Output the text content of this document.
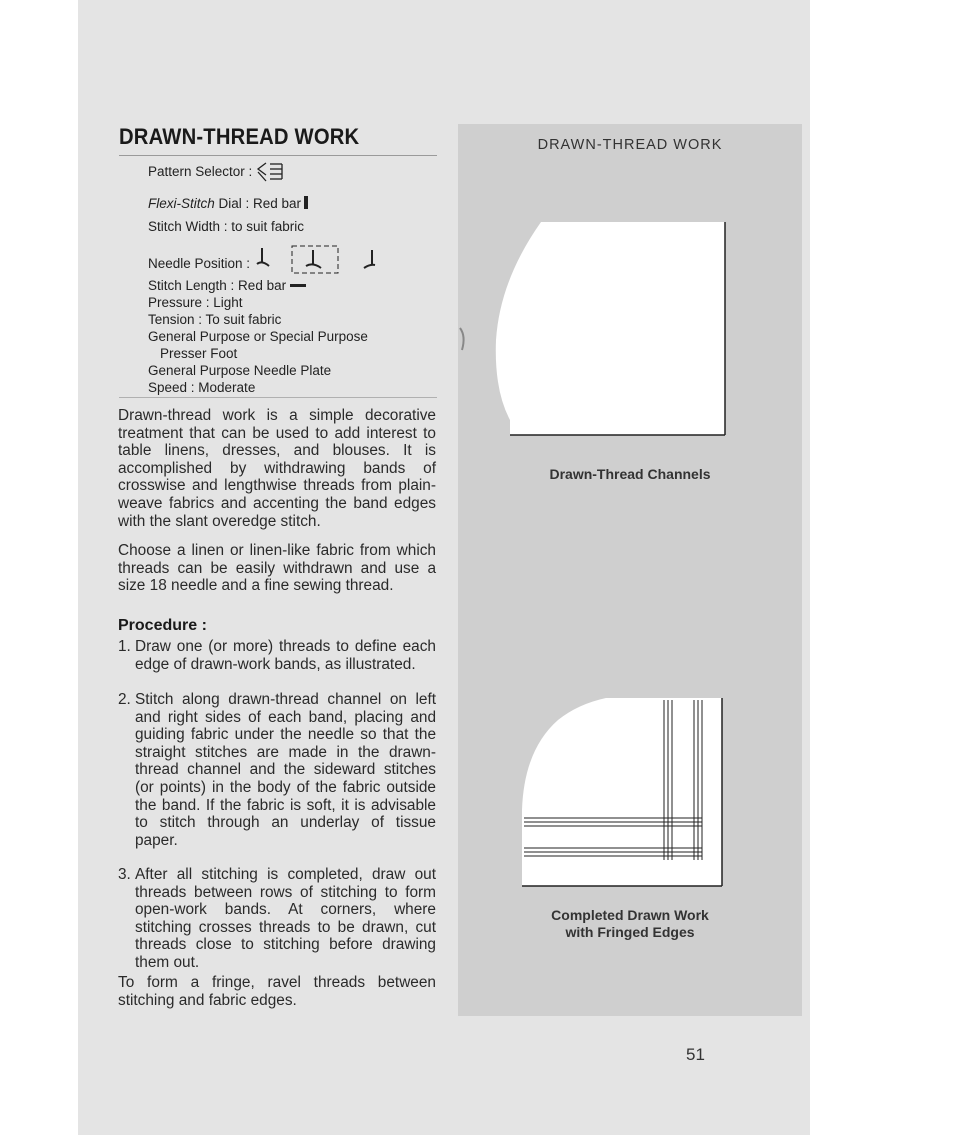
DRAWN-THREAD WORK
Pattern Selector :
Flexi-Stitch Dial : Red bar
Stitch Width : to suit fabric
Needle Position :
Stitch Length : Red bar
Pressure : Light
Tension : To suit fabric
General Purpose or Special Purpose
Presser Foot
General Purpose Needle Plate
Speed : Moderate
Drawn-thread work is a simple decorative treatment that can be used to add interest to table linens, dresses, and blouses. It is accomplished by withdrawing bands of crosswise and lengthwise threads from plain-weave fabrics and accenting the band edges with the slant overedge stitch.
Choose a linen or linen-like fabric from which threads can be easily withdrawn and use a size 18 needle and a fine sewing thread.
Procedure :
1. Draw one (or more) threads to define each edge of drawn-work bands, as illustrated.
2. Stitch along drawn-thread channel on left and right sides of each band, placing and guiding fabric under the needle so that the straight stitches are made in the drawn-thread channel and the sideward stitches (or points) in the body of the fabric outside the band. If the fabric is soft, it is advisable to stitch through an underlay of tissue paper.
3. After all stitching is completed, draw out threads between rows of stitching to form open-work bands. At corners, where stitching crosses threads to be drawn, cut threads close to stitching before drawing them out.
To form a fringe, ravel threads between stitching and fabric edges.
DRAWN-THREAD WORK
Drawn-Thread Channels
Completed Drawn Work
with Fringed Edges
51
